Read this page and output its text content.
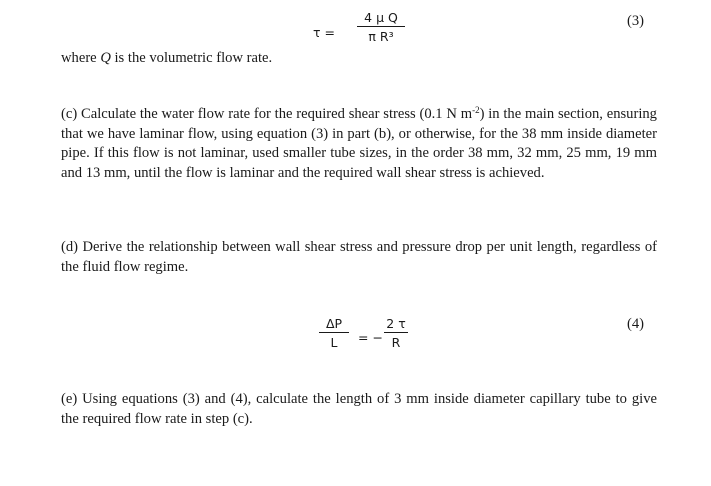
τ =
4 μ Q
π R³
(3)

where Q is the volumetric flow rate.

(c) Calculate the water flow rate for the required shear stress (0.1 N $m^{-2}$) in the main section, ensuring that we have laminar flow, using equation (3) in part (b), or otherwise, for the 38 mm inside diameter pipe. If this flow is not laminar, used smaller tube sizes, in the order 38 mm, 32 mm, 25 mm, 19 mm and 13 mm, until the flow is laminar and the required wall shear stress is achieved.

(d) Derive the relationship between wall shear stress and pressure drop per unit length, regardless of the fluid flow regime.

ΔP
L	= −
2 τ
R
(4)

(e) Using equations (3) and (4), calculate the length of 3 mm inside diameter capillary tube to give the required flow rate in step (c).
